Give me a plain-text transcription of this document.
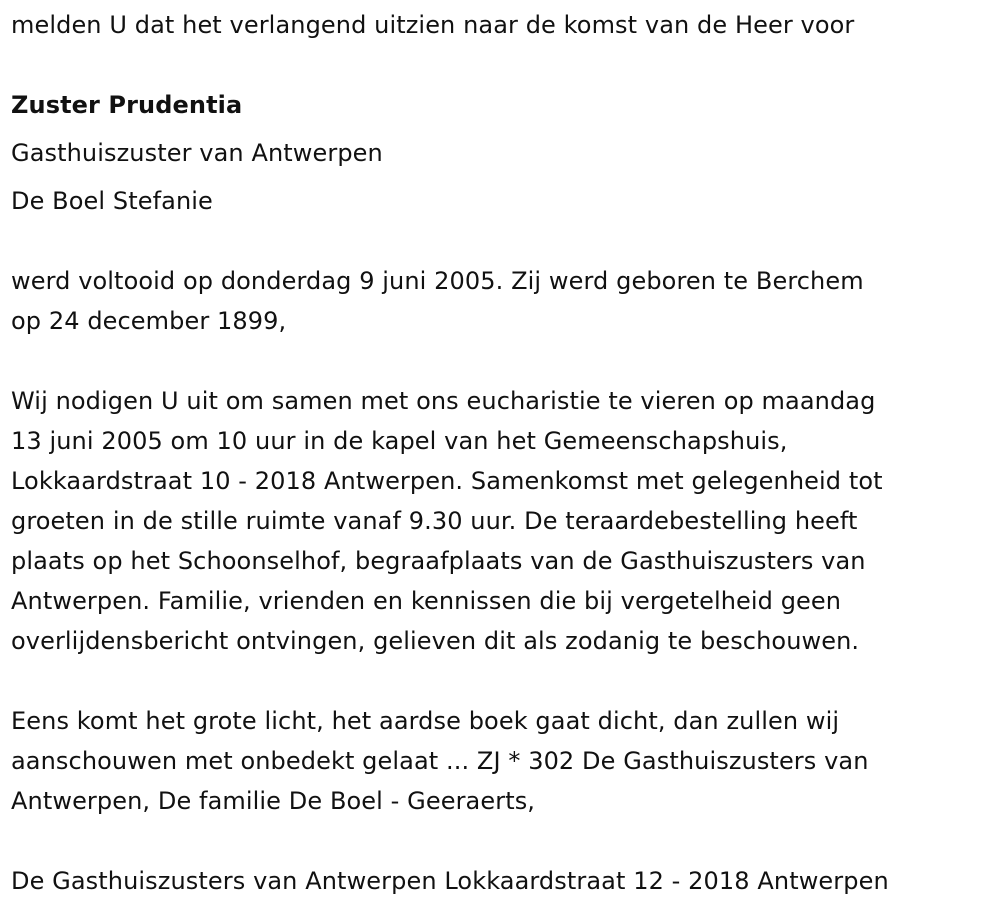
melden U dat het verlangend uitzien naar de komst van de Heer voor
Zuster Prudentia
Gasthuiszuster van Antwerpen
De Boel Stefanie
werd voltooid op donderdag 9 juni 2005. Zij werd geboren te Berchem
op 24 december 1899,
Wij nodigen U uit om samen met ons eucharistie te vieren op maandag
13 juni 2005 om 10 uur in de kapel van het Gemeenschapshuis,
Lokkaardstraat 10 - 2018 Antwerpen. Samenkomst met gelegenheid tot
groeten in de stille ruimte vanaf 9.30 uur. De teraardebestelling heeft
plaats op het Schoonselhof, begraafplaats van de Gasthuiszusters van
Antwerpen. Familie, vrienden en kennissen die bij vergetelheid geen
overlijdensbericht ontvingen, gelieven dit als zodanig te beschouwen.
Eens komt het grote licht, het aardse boek gaat dicht, dan zullen wij
aanschouwen met onbedekt gelaat ... ZJ * 302 De Gasthuiszusters van
Antwerpen, De familie De Boel - Geeraerts,
De Gasthuiszusters van Antwerpen Lokkaardstraat 12 - 2018 Antwerpen
